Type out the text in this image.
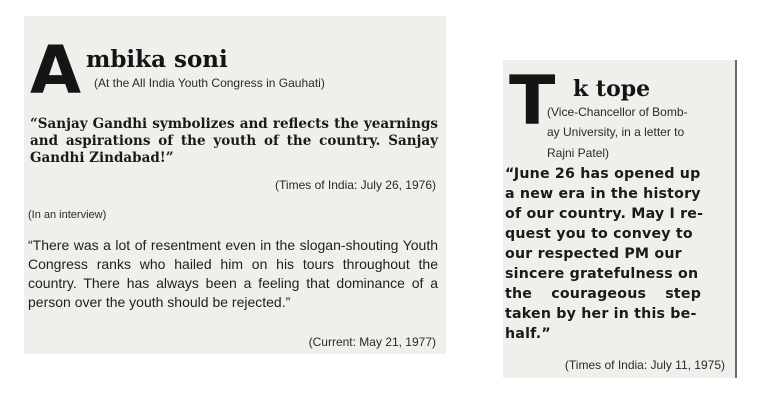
A mbika soni
(At the All India Youth Congress in Gauhati)
“Sanjay Gandhi symbolizes and reflects the yearnings and aspirations of the youth of the country. Sanjay Gandhi Zindabad!”
(Times of India: July 26, 1976)
(In an interview)
“There was a lot of resentment even in the slogan-shouting Youth Congress ranks who hailed him on his tours throughout the country. There has always been a feeling that dominance of a person over the youth should be rejected.”
(Current: May 21, 1977)
T k tope
(Vice-Chancellor of Bomb-
ay University, in a letter to
Rajni Patel)
“June 26 has opened up
a new era in the history
of our country. May I re-
quest you to convey to
our respected PM our
sincere gratefulness on
the courageous step
taken by her in this be-
half.”
(Times of India: July 11, 1975)
